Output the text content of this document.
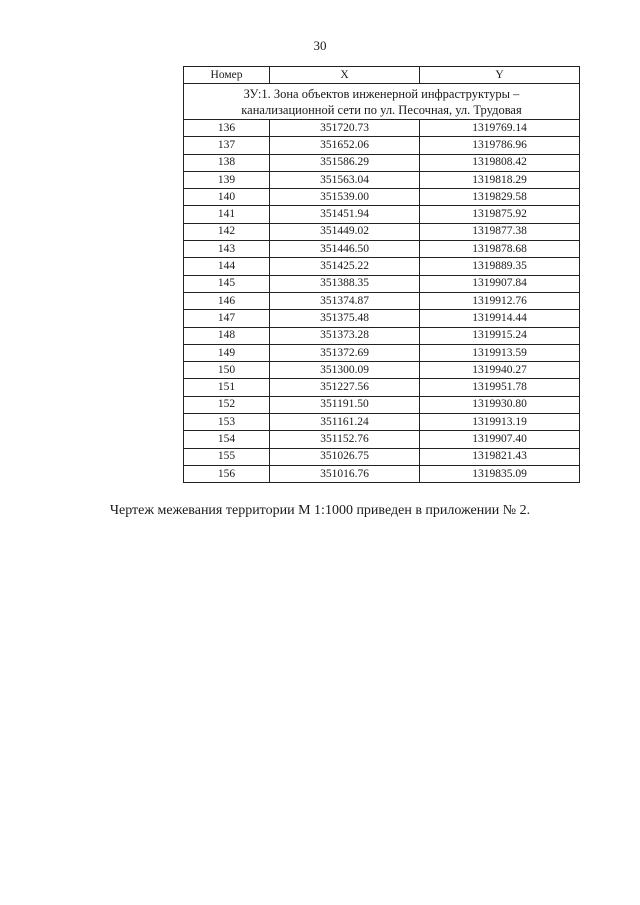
30
Номер	X	Y
ЗУ:1. Зона объектов инженерной инфраструктуры –
канализационной сети по ул. Песочная, ул. Трудовая		
136	351720.73	1319769.14
137	351652.06	1319786.96
138	351586.29	1319808.42
139	351563.04	1319818.29
140	351539.00	1319829.58
141	351451.94	1319875.92
142	351449.02	1319877.38
143	351446.50	1319878.68
144	351425.22	1319889.35
145	351388.35	1319907.84
146	351374.87	1319912.76
147	351375.48	1319914.44
148	351373.28	1319915.24
149	351372.69	1319913.59
150	351300.09	1319940.27
151	351227.56	1319951.78
152	351191.50	1319930.80
153	351161.24	1319913.19
154	351152.76	1319907.40
155	351026.75	1319821.43
156	351016.76	1319835.09
Чертеж межевания территории М 1:1000 приведен в приложении № 2.
